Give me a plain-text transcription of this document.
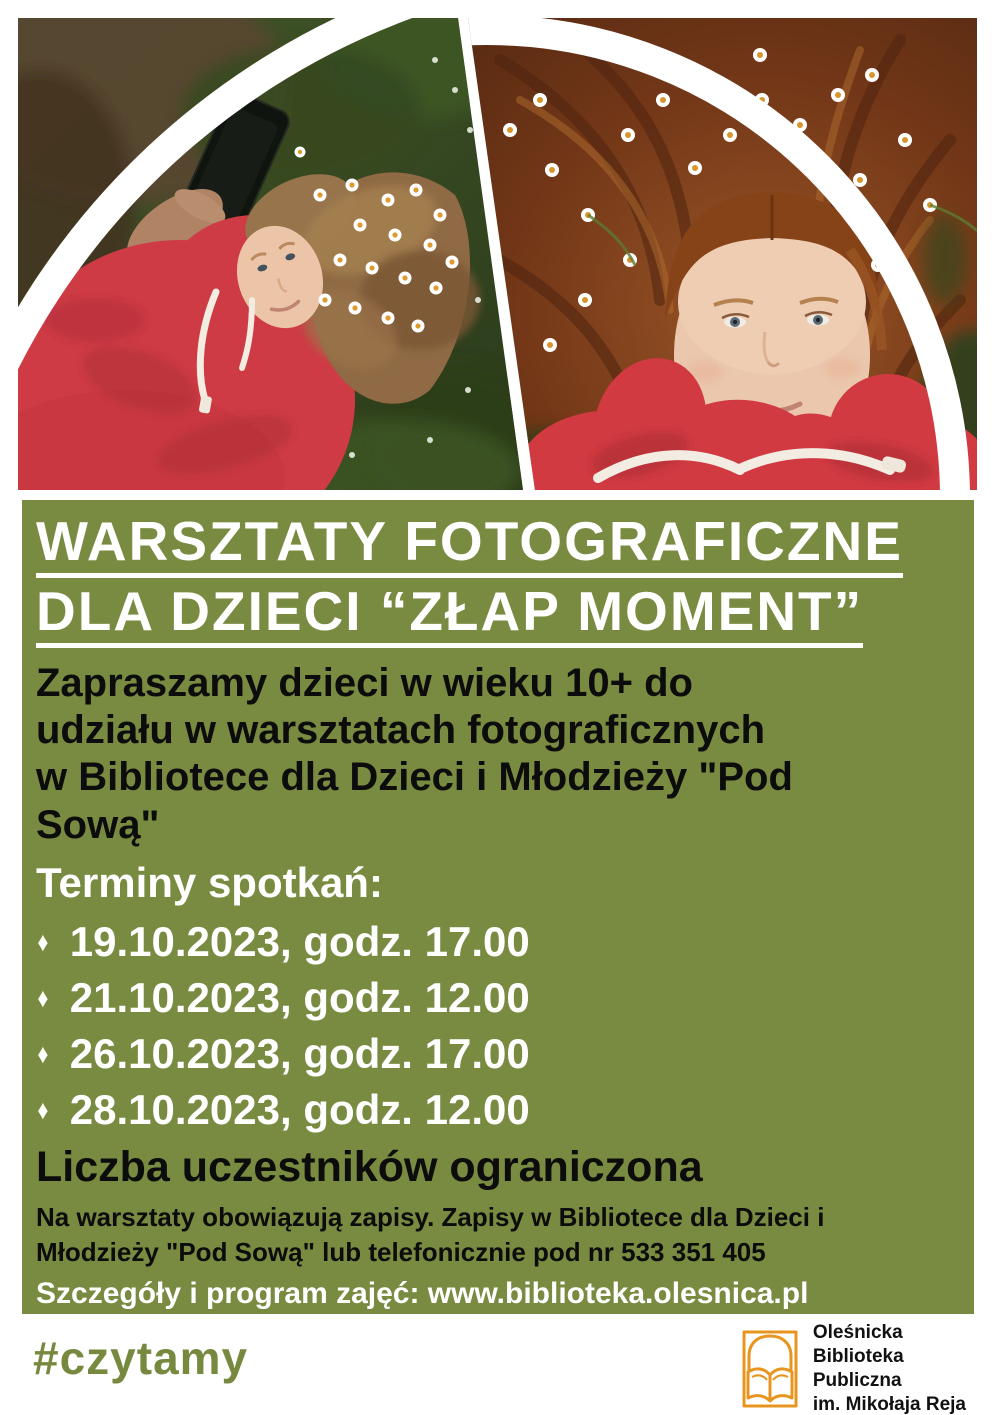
WARSZTATY FOTOGRAFICZNE
DLA DZIECI “ZŁAP MOMENT”
Zapraszamy dzieci w wieku 10+ do
udziału w warsztatach fotograficznych
w Bibliotece dla Dzieci i Młodzieży "Pod
Sową"
Terminy spotkań:
♦ 19.10.2023, godz. 17.00
♦ 21.10.2023, godz. 12.00
♦ 26.10.2023, godz. 17.00
♦ 28.10.2023, godz. 12.00
Liczba uczestników ograniczona
Na warsztaty obowiązują zapisy. Zapisy w Bibliotece dla Dzieci i
Młodzieży "Pod Sową" lub telefonicznie pod nr 533 351 405
Szczegóły i program zajęć: www.biblioteka.olesnica.pl
#czytamy	Oleśnicka
Biblioteka
Publiczna
im. Mikołaja Reja
